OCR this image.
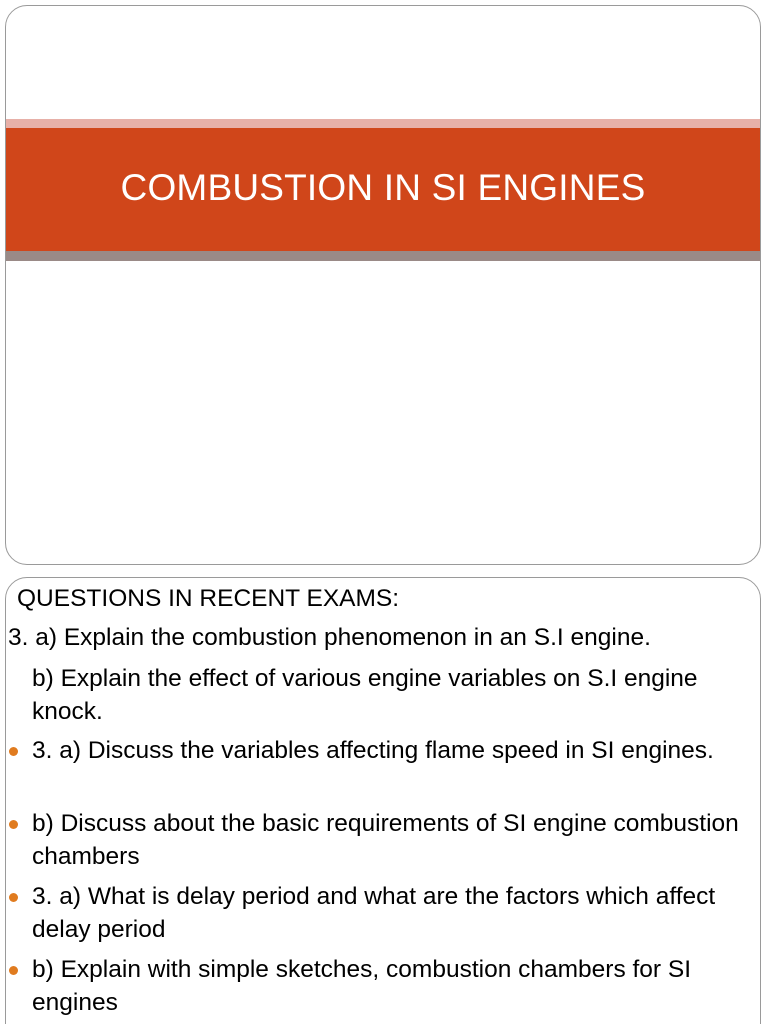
COMBUSTION IN SI ENGINES
QUESTIONS IN RECENT EXAMS:
3. a) Explain the combustion phenomenon in an S.I engine.
b) Explain the effect of various engine variables on S.I engine knock.
3. a) Discuss the variables affecting flame speed in SI engines.
b) Discuss about the basic requirements of SI engine combustion chambers
3. a) What is delay period and what are the factors which affect delay period
b) Explain with simple sketches, combustion chambers for SI engines
